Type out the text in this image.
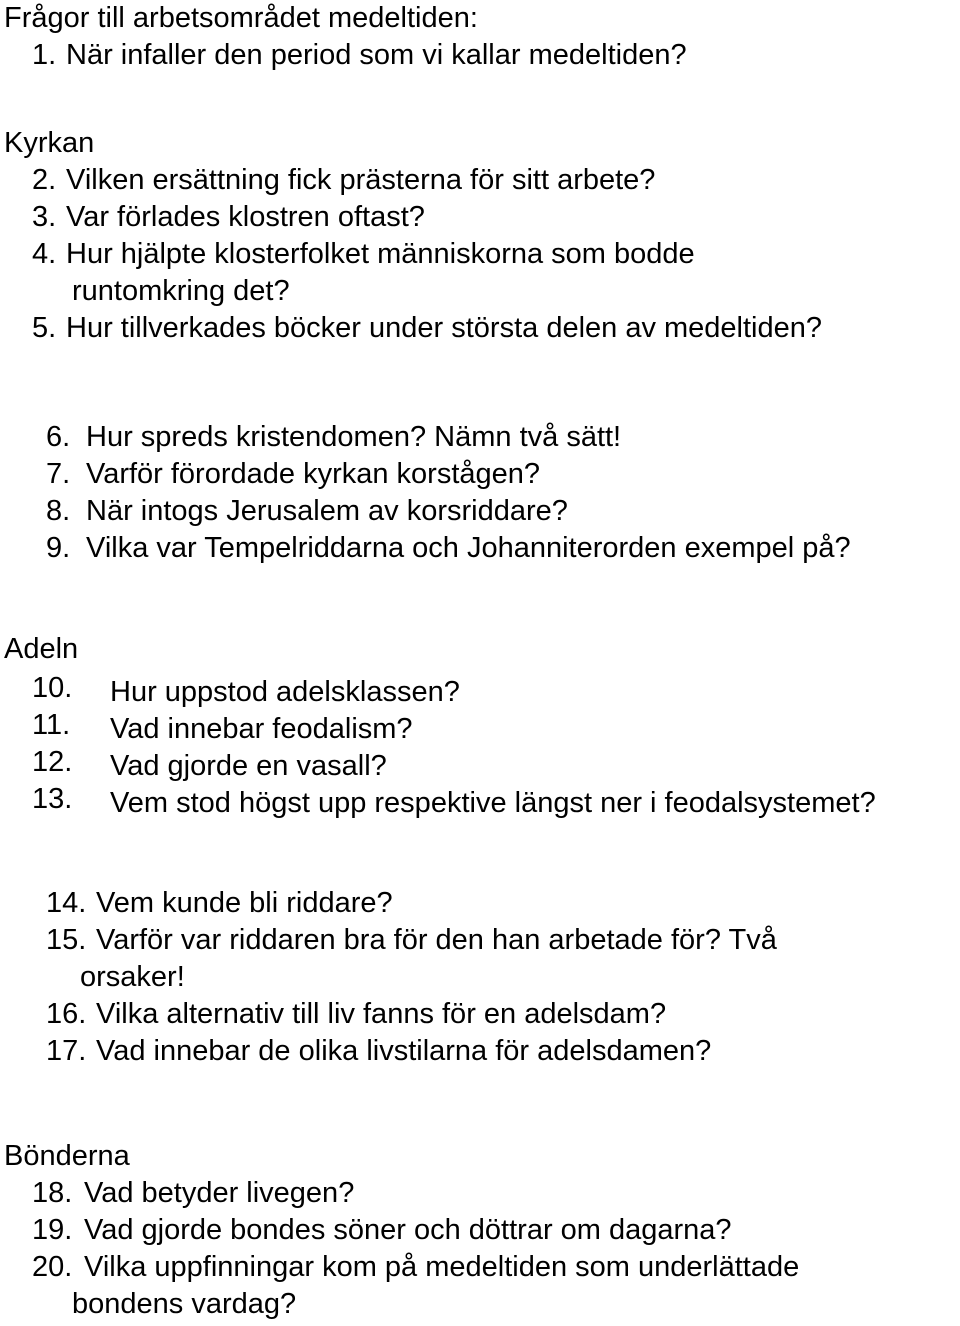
Frågor till arbetsområdet medeltiden:
1. När infaller den period som vi kallar medeltiden?
Kyrkan
2. Vilken ersättning fick prästerna för sitt arbete?
3. Var förlades klostren oftast?
4. Hur hjälpte klosterfolket människorna som bodde
runtomkring det?
5. Hur tillverkades böcker under största delen av medeltiden?
6. Hur spreds kristendomen? Nämn två sätt!
7. Varför förordade kyrkan korstågen?
8. När intogs Jerusalem av korsriddare?
9. Vilka var Tempelriddarna och Johanniterorden exempel på?
Adeln
10. Hur uppstod adelsklassen?
11. Vad innebar feodalism?
12. Vad gjorde en vasall?
13. Vem stod högst upp respektive längst ner i feodalsystemet?
14. Vem kunde bli riddare?
15. Varför var riddaren bra för den han arbetade för? Två
orsaker!
16. Vilka alternativ till liv fanns för en adelsdam?
17. Vad innebar de olika livstilarna för adelsdamen?
Bönderna
18. Vad betyder livegen?
19. Vad gjorde bondes söner och döttrar om dagarna?
20. Vilka uppfinningar kom på medeltiden som underlättade
bondens vardag?
